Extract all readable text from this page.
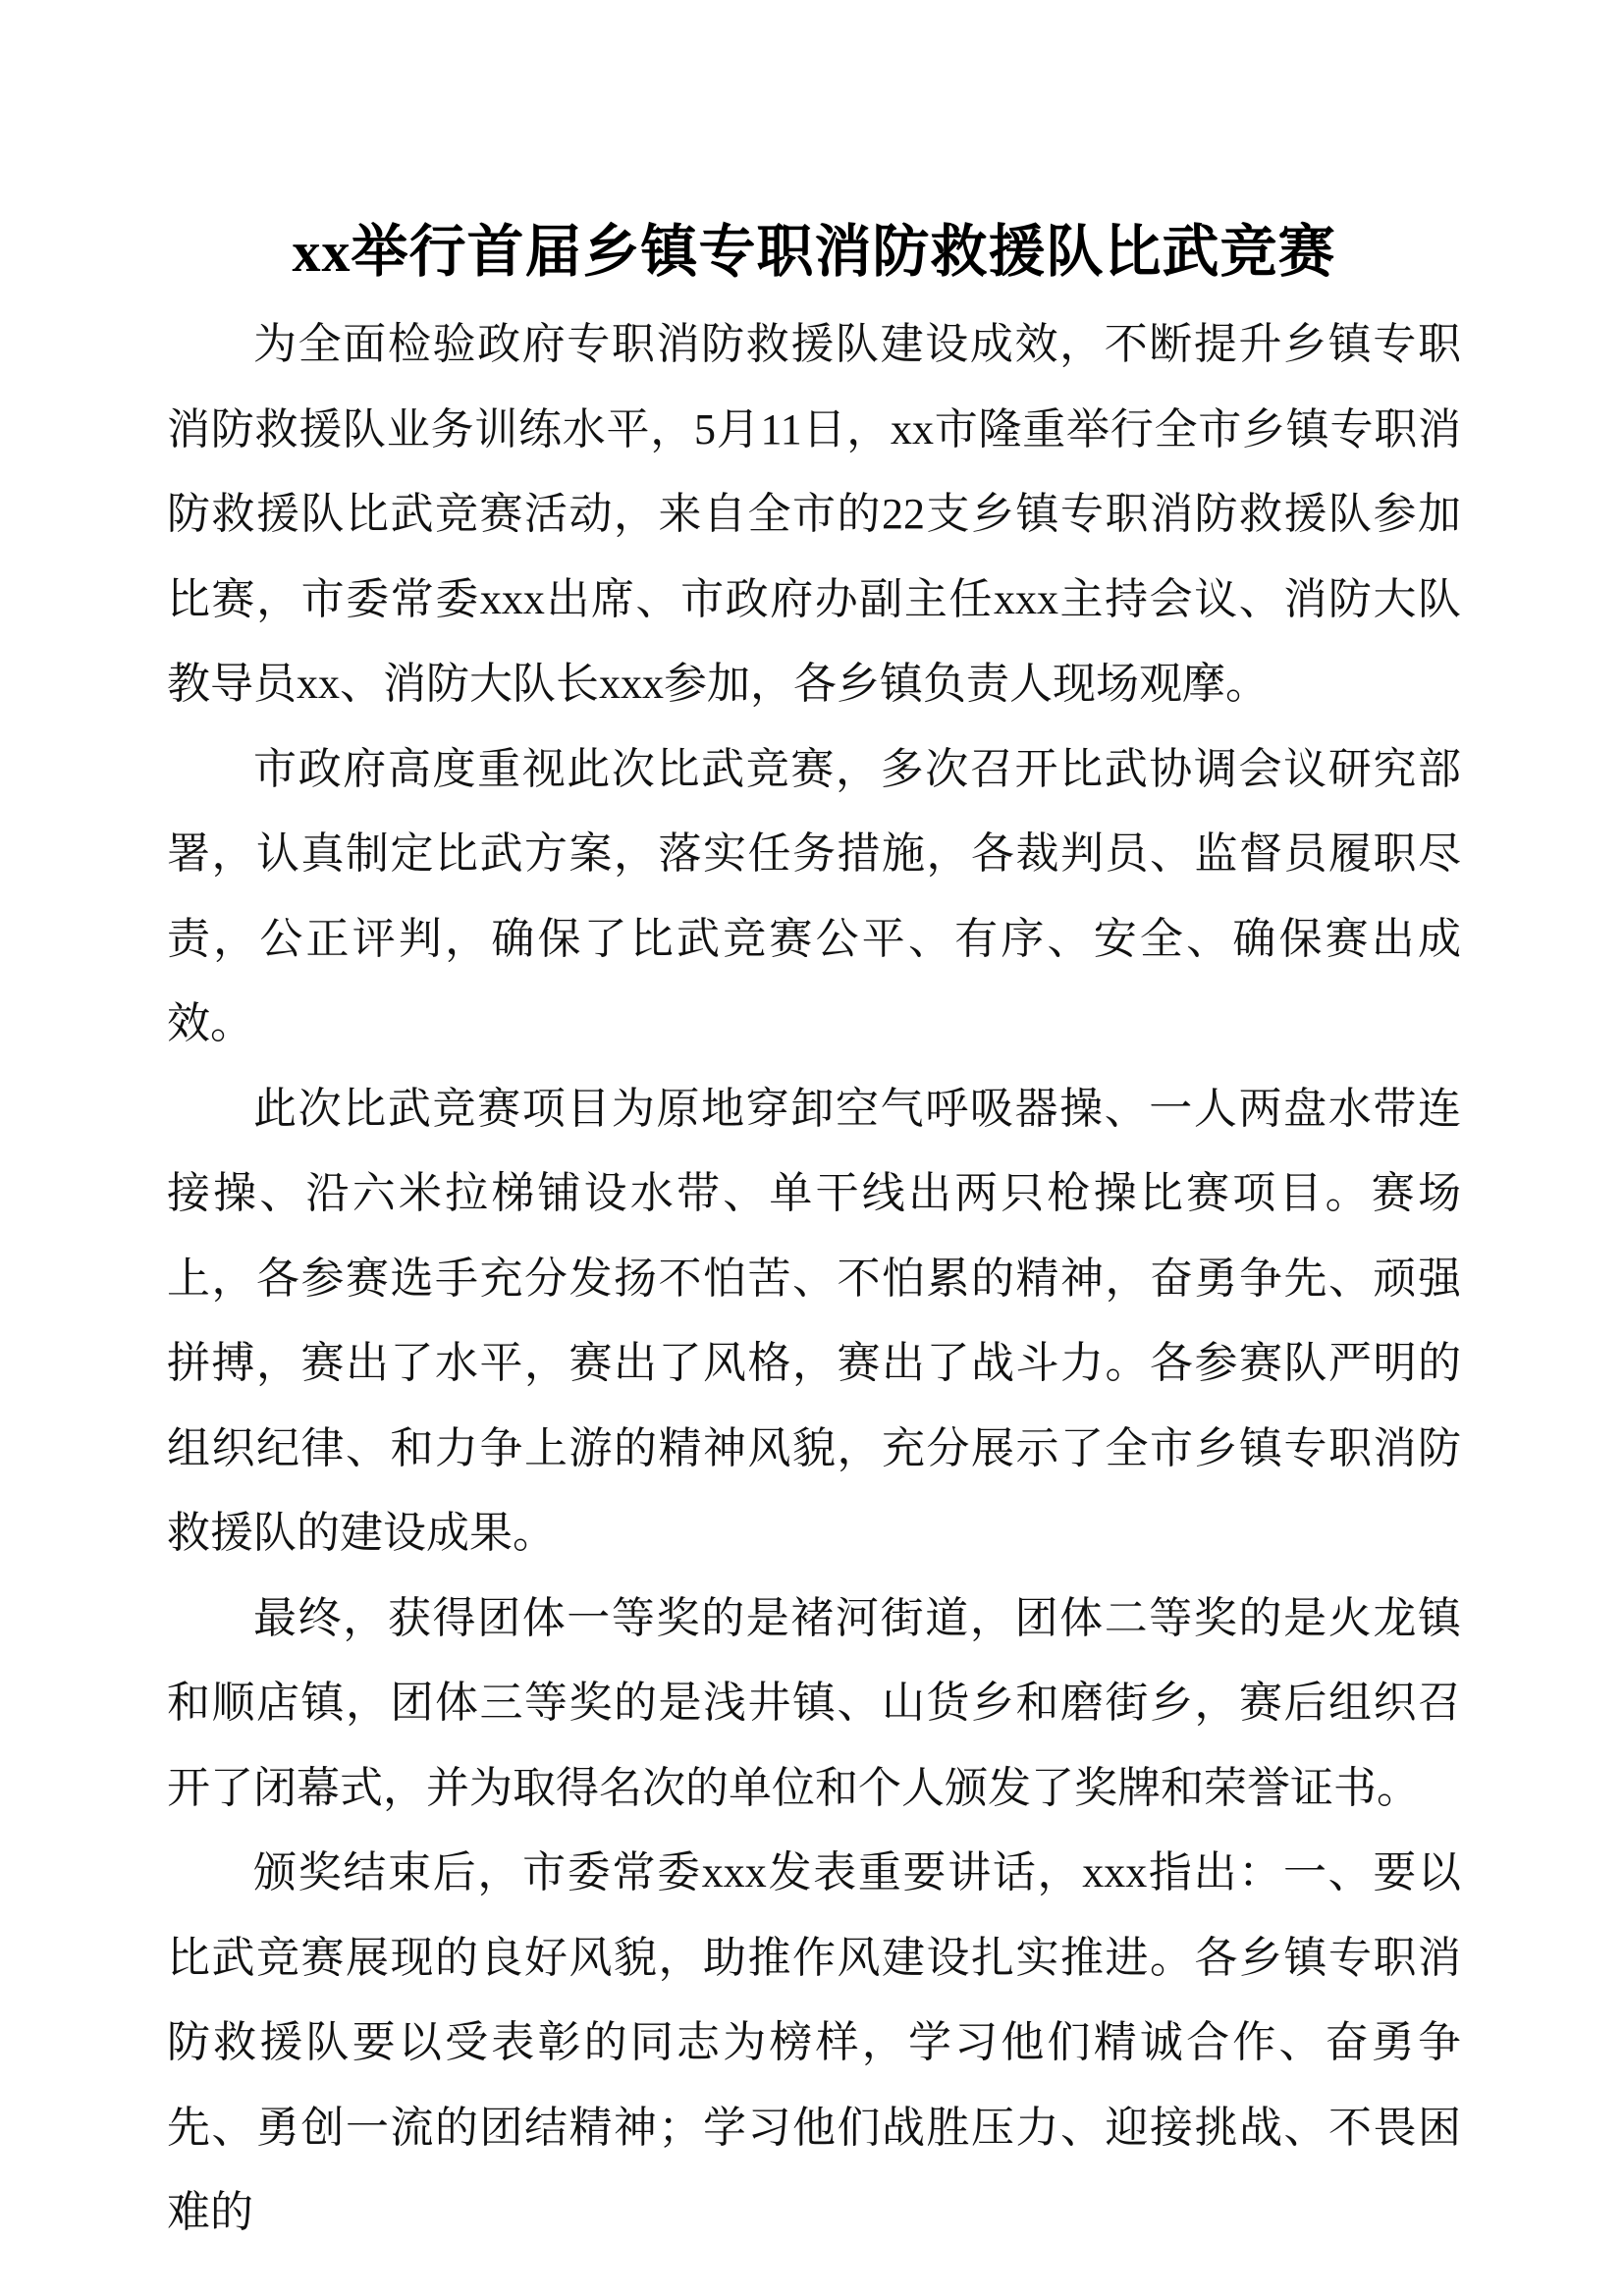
xx举行首届乡镇专职消防救援队比武竞赛

为全面检验政府专职消防救援队建设成效，不断提升乡镇专职消防救援队业务训练水平，5月11日，xx市隆重举行全市乡镇专职消防救援队比武竞赛活动，来自全市的22支乡镇专职消防救援队参加比赛，市委常委xxx出席、市政府办副主任xxx主持会议、消防大队教导员xx、消防大队长xxx参加，各乡镇负责人现场观摩。

市政府高度重视此次比武竞赛，多次召开比武协调会议研究部署，认真制定比武方案，落实任务措施，各裁判员、监督员履职尽责，公正评判，确保了比武竞赛公平、有序、安全、确保赛出成效。

此次比武竞赛项目为原地穿卸空气呼吸器操、一人两盘水带连接操、沿六米拉梯铺设水带、单干线出两只枪操比赛项目。赛场上，各参赛选手充分发扬不怕苦、不怕累的精神，奋勇争先、顽强拼搏，赛出了水平，赛出了风格，赛出了战斗力。各参赛队严明的组织纪律、和力争上游的精神风貌，充分展示了全市乡镇专职消防救援队的建设成果。

最终，获得团体一等奖的是褚河街道，团体二等奖的是火龙镇和顺店镇，团体三等奖的是浅井镇、山货乡和磨街乡，赛后组织召开了闭幕式，并为取得名次的单位和个人颁发了奖牌和荣誉证书。

颁奖结束后，市委常委xxx发表重要讲话，xxx指出：一、要以比武竞赛展现的良好风貌，助推作风建设扎实推进。各乡镇专职消防救援队要以受表彰的同志为榜样，学习他们精诚合作、奋勇争先、勇创一流的团结精神；学习他们战胜压力、迎接挑战、不畏困难的
